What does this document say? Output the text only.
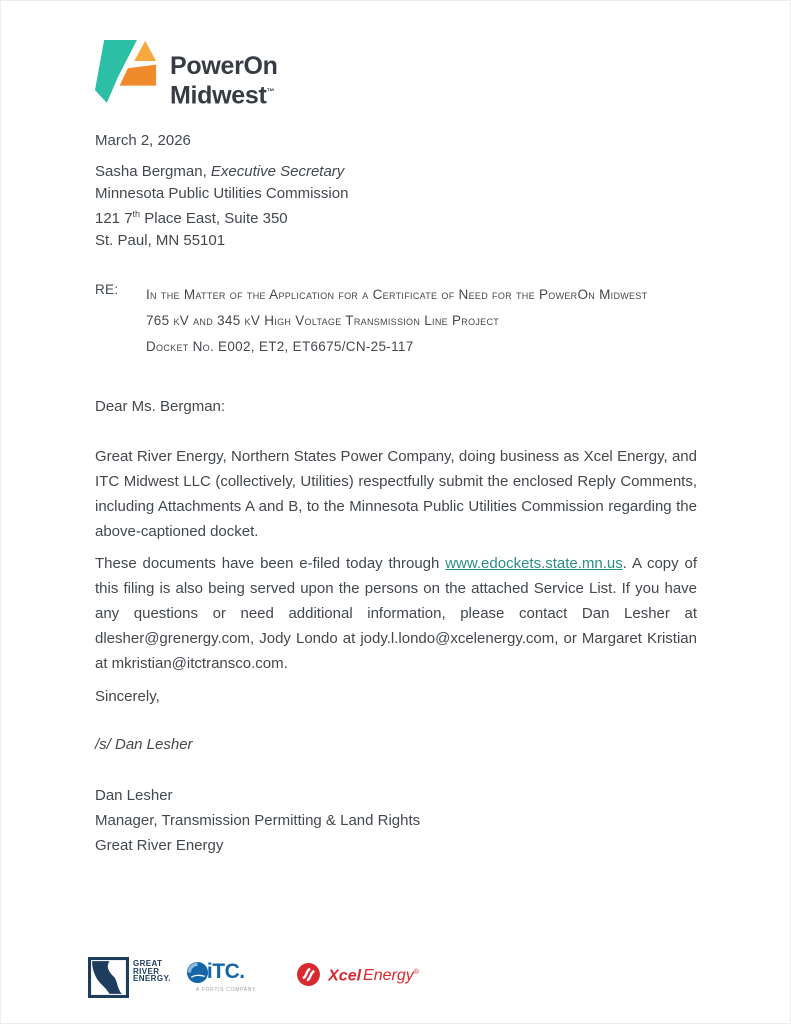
PowerOn
Midwest™

March 2, 2026

Sasha Bergman, Executive Secretary

Minnesota Public Utilities Commission

121 7th Place East, Suite 350

St. Paul, MN 55101

RE:	In the Matter of the Application for a Certificate of Need for the PowerOn Midwest

765 kV and 345 kV High Voltage Transmission Line Project

Docket No. E002, ET2, ET6675/CN-25-117

Dear Ms. Bergman:

Great River Energy, Northern States Power Company, doing business as Xcel Energy, and ITC Midwest LLC (collectively, Utilities) respectfully submit the enclosed Reply Comments, including Attachments A and B, to the Minnesota Public Utilities Commission regarding the above-captioned docket.

These documents have been e-filed today through www.edockets.state.mn.us. A copy of this filing is also being served upon the persons on the attached Service List. If you have any questions or need additional information, please contact Dan Lesher at dlesher@grenergy.com, Jody Londo at jody.l.londo@xcelenergy.com, or Margaret Kristian at mkristian@itctransco.com.

Sincerely,

/s/ Dan Lesher

Dan Lesher

Manager, Transmission Permitting & Land Rights

Great River Energy

GREAT
RIVER
ENERGY. iTC.
A FORTIS COMPANY
Xcel Energy®
